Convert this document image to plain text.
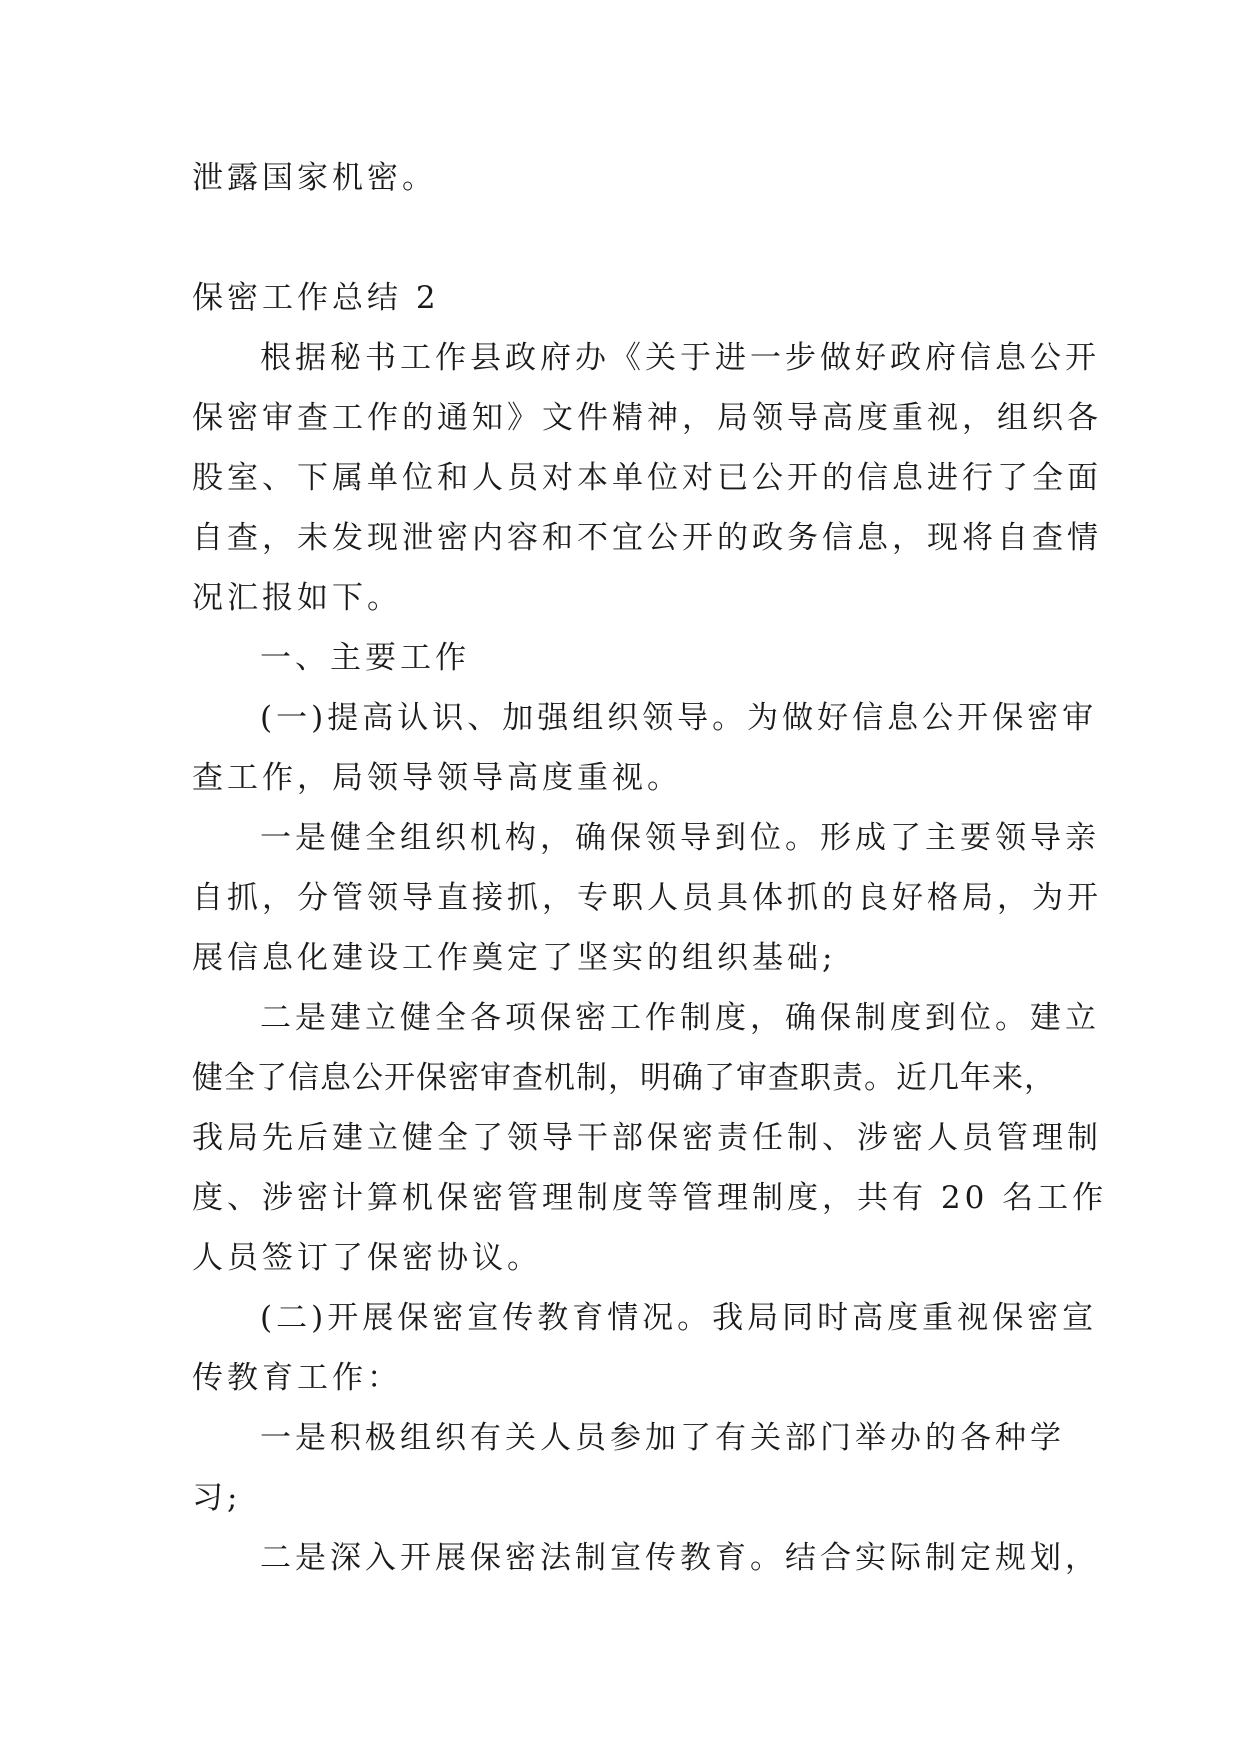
泄露国家机密。

保密工作总结 2

根据秘书工作县政府办《关于进一步做好政府信息公开

保密审查工作的通知》文件精神，局领导高度重视，组织各

股室、下属单位和人员对本单位对已公开的信息进行了全面

自查，未发现泄密内容和不宜公开的政务信息，现将自查情

况汇报如下。

一、主要工作

(一)提高认识、加强组织领导。为做好信息公开保密审

查工作，局领导领导高度重视。

一是健全组织机构，确保领导到位。形成了主要领导亲

自抓，分管领导直接抓，专职人员具体抓的良好格局，为开

展信息化建设工作奠定了坚实的组织基础;

二是建立健全各项保密工作制度，确保制度到位。建立

健全了信息公开保密审查机制，明确了审查职责。近几年来，

我局先后建立健全了领导干部保密责任制、涉密人员管理制

度、涉密计算机保密管理制度等管理制度，共有 20 名工作

人员签订了保密协议。

(二)开展保密宣传教育情况。我局同时高度重视保密宣

传教育工作：

一是积极组织有关人员参加了有关部门举办的各种学

习;

二是深入开展保密法制宣传教育。结合实际制定规划，
